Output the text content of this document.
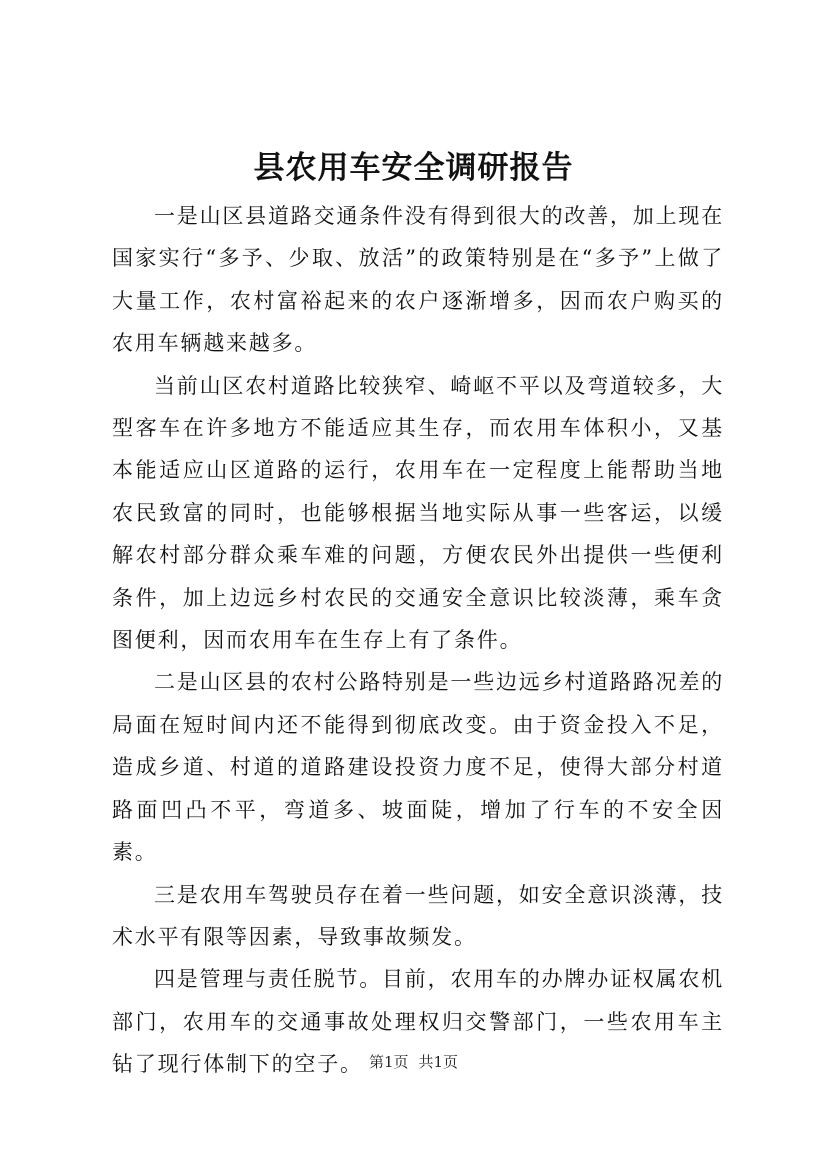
县农用车安全调研报告

一是山区县道路交通条件没有得到很大的改善，加上现在国家实行“多予、少取、放活”的政策特别是在“多予”上做了大量工作，农村富裕起来的农户逐渐增多，因而农户购买的农用车辆越来越多。

当前山区农村道路比较狭窄、崎岖不平以及弯道较多，大型客车在许多地方不能适应其生存，而农用车体积小，又基本能适应山区道路的运行，农用车在一定程度上能帮助当地农民致富的同时，也能够根据当地实际从事一些客运，以缓解农村部分群众乘车难的问题，方便农民外出提供一些便利条件，加上边远乡村农民的交通安全意识比较淡薄，乘车贪图便利，因而农用车在生存上有了条件。

二是山区县的农村公路特别是一些边远乡村道路路况差的局面在短时间内还不能得到彻底改变。由于资金投入不足，造成乡道、村道的道路建设投资力度不足，使得大部分村道路面凹凸不平，弯道多、坡面陡，增加了行车的不安全因素。

三是农用车驾驶员存在着一些问题，如安全意识淡薄，技术水平有限等因素，导致事故频发。

四是管理与责任脱节。目前，农用车的办牌办证权属农机部门，农用车的交通事故处理权归交警部门，一些农用车主钻了现行体制下的空子。 第1页 共1页
